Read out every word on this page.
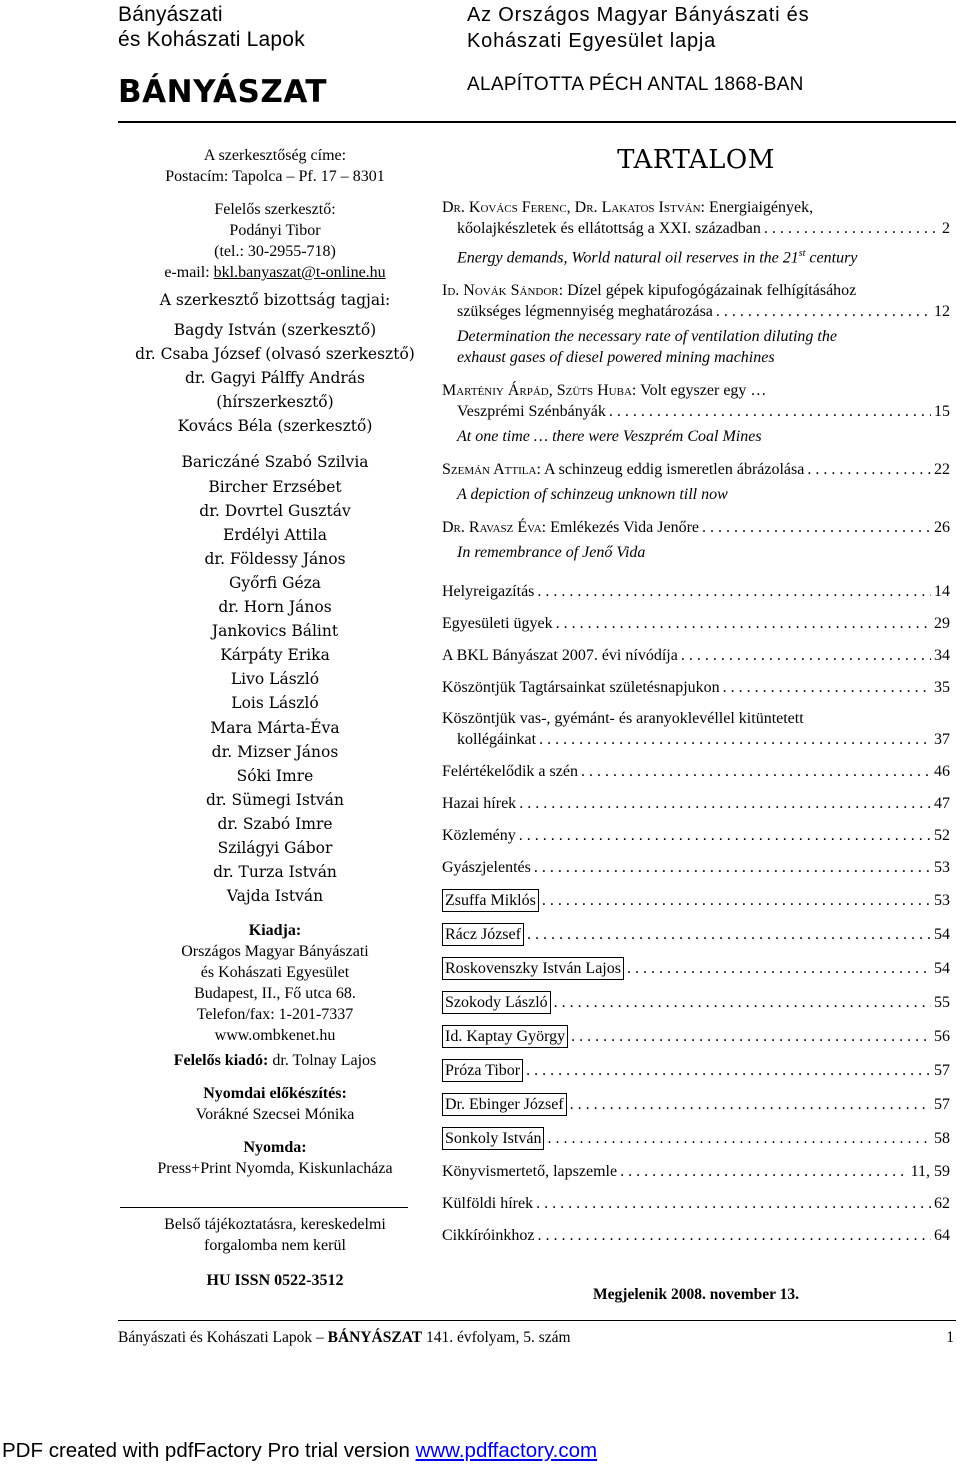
Bányászati
és Kohászati Lapok
BÁNYÁSZAT
Az Országos Magyar Bányászati és
Kohászati Egyesület lapja
ALAPÍTOTTA PÉCH ANTAL 1868-BAN
A szerkesztőség címe:
Postacím: Tapolca – Pf. 17 – 8301
Felelős szerkesztő:
Podányi Tibor
(tel.: 30-2955-718)
e-mail: bkl.banyaszat@t-online.hu
A szerkesztő bizottság tagjai:
Bagdy István (szerkesztő)
dr. Csaba József (olvasó szerkesztő)
dr. Gagyi Pálffy András
(hírszerkesztő)
Kovács Béla (szerkesztő)
Bariczáné Szabó Szilvia
Bircher Erzsébet
dr. Dovrtel Gusztáv
Erdélyi Attila
dr. Földessy János
Győrfi Géza
dr. Horn János
Jankovics Bálint
Kárpáty Erika
Livo László
Lois László
Mara Márta-Éva
dr. Mizser János
Sóki Imre
dr. Sümegi István
dr. Szabó Imre
Szilágyi Gábor
dr. Turza István
Vajda István
Kiadja:
Országos Magyar Bányászati
és Kohászati Egyesület
Budapest, II., Fő utca 68.
Telefon/fax: 1-201-7337
www.ombkenet.hu
Felelős kiadó: dr. Tolnay Lajos
Nyomdai előkészítés:
Vorákné Szecsei Mónika
Nyomda:
Press+Print Nyomda, Kiskunlacháza
Belső tájékoztatásra, kereskedelmi
forgalomba nem kerül
HU ISSN 0522-3512
TARTALOM
Dr. Kovács Ferenc, Dr. Lakatos István: Energiaigények,
kőolajkészletek és ellátottság a XXI. században . . .	2
Energy demands, World natural oil reserves in the 21st century
Id. Novák Sándor: Dízel gépek kipufogógázainak felhígításához
szükséges légmennyiség meghatározása . . .	12
Determination the necessary rate of ventilation diluting the
exhaust gases of diesel powered mining machines
Marténiy Árpád, Szüts Huba: Volt egyszer egy …
Veszprémi Szénbányák . . .	15
At one time … there were Veszprém Coal Mines
Szemán Attila: A schinzeug eddig ismeretlen ábrázolása . . .	22
A depiction of schinzeug unknown till now
Dr. Ravasz Éva: Emlékezés Vida Jenőre . . .	26
In remembrance of Jenő Vida
Helyreigazítás . . .	14
Egyesületi ügyek . . .	29
A BKL Bányászat 2007. évi nívódíja . . .	34
Köszöntjük Tagtársainkat születésnapjukon . . .	35
Köszöntjük vas-, gyémánt- és aranyoklevéllel kitüntetett
kollégáinkat . . .	37
Felértékelődik a szén . . .	46
Hazai hírek . . .	47
Közlemény . . .	52
Gyászjelentés . . .	53
Zsuffa Miklós . . .	53
Rácz József . . .	54
Roskovenszky István Lajos . . .	54
Szokody László . . .	55
Id. Kaptay György . . .	56
Próza Tibor . . .	57
Dr. Ebinger József . . .	57
Sonkoly István . . .	58
Könyvismertető, lapszemle . . .	11, 59
Külföldi hírek . . .	62
Cikkíróinkhoz . . .	64
Megjelenik 2008. november 13.
Bányászati és Kohászati Lapok – BÁNYÁSZAT 141. évfolyam, 5. szám	1
PDF created with pdfFactory Pro trial version www.pdffactory.com
